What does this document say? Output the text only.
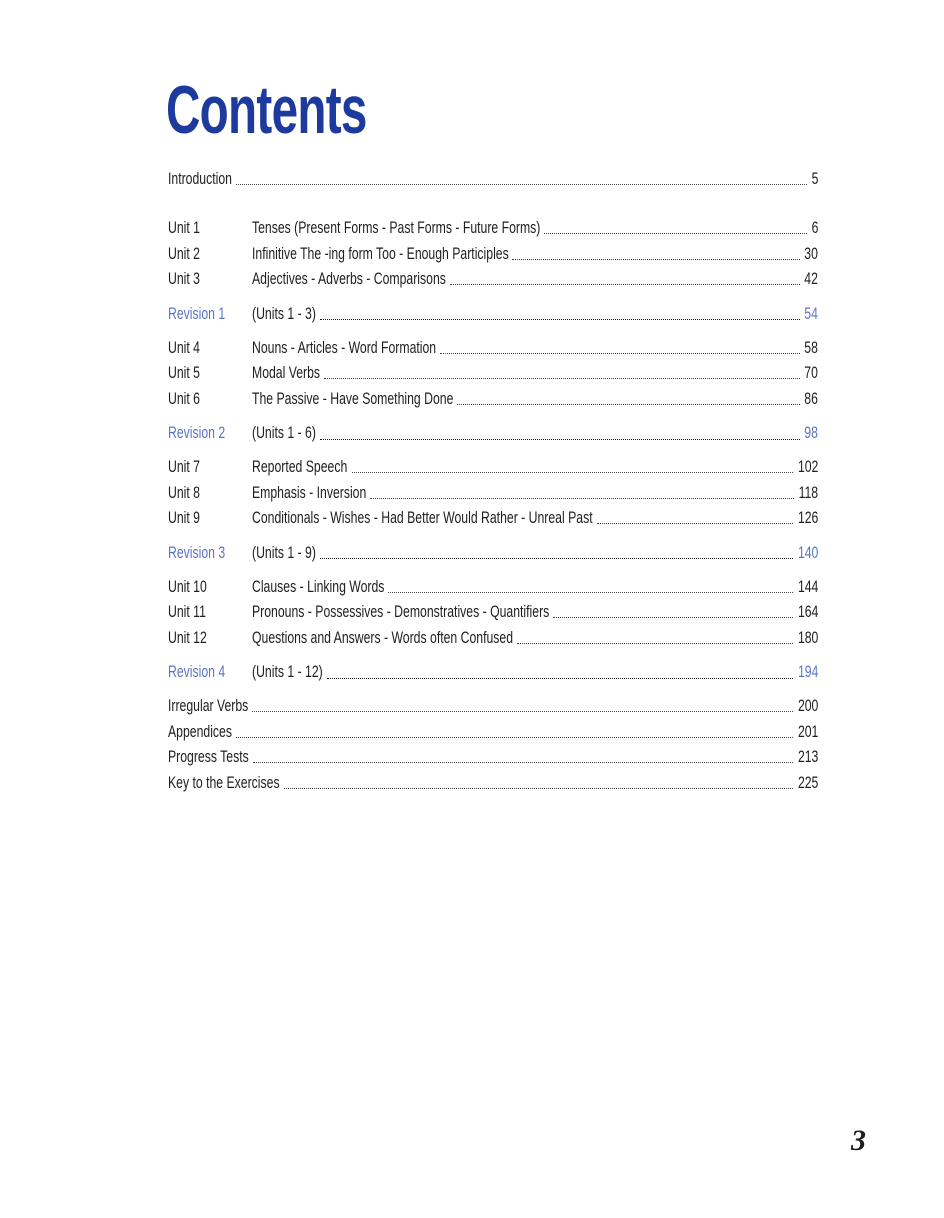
Contents
Introduction	5
Unit 1	Tenses (Present Forms - Past Forms - Future Forms)	6
Unit 2	Infinitive The -ing form Too - Enough Participles	30
Unit 3	Adjectives - Adverbs - Comparisons	42
Revision 1 (Units 1 - 3)	54
Unit 4	Nouns - Articles - Word Formation	58
Unit 5	Modal Verbs	70
Unit 6	The Passive - Have Something Done	86
Revision 2 (Units 1 - 6)	98
Unit 7	Reported Speech	102
Unit 8	Emphasis - Inversion	118
Unit 9	Conditionals - Wishes - Had Better Would Rather - Unreal Past	126
Revision 3 (Units 1 - 9)	140
Unit 10	Clauses - Linking Words	144
Unit 11	Pronouns - Possessives - Demonstratives - Quantifiers	164
Unit 12	Questions and Answers - Words often Confused	180
Revision 4 (Units 1 - 12)	194
Irregular Verbs	200
Appendices	201
Progress Tests	213
Key to the Exercises	225
3
